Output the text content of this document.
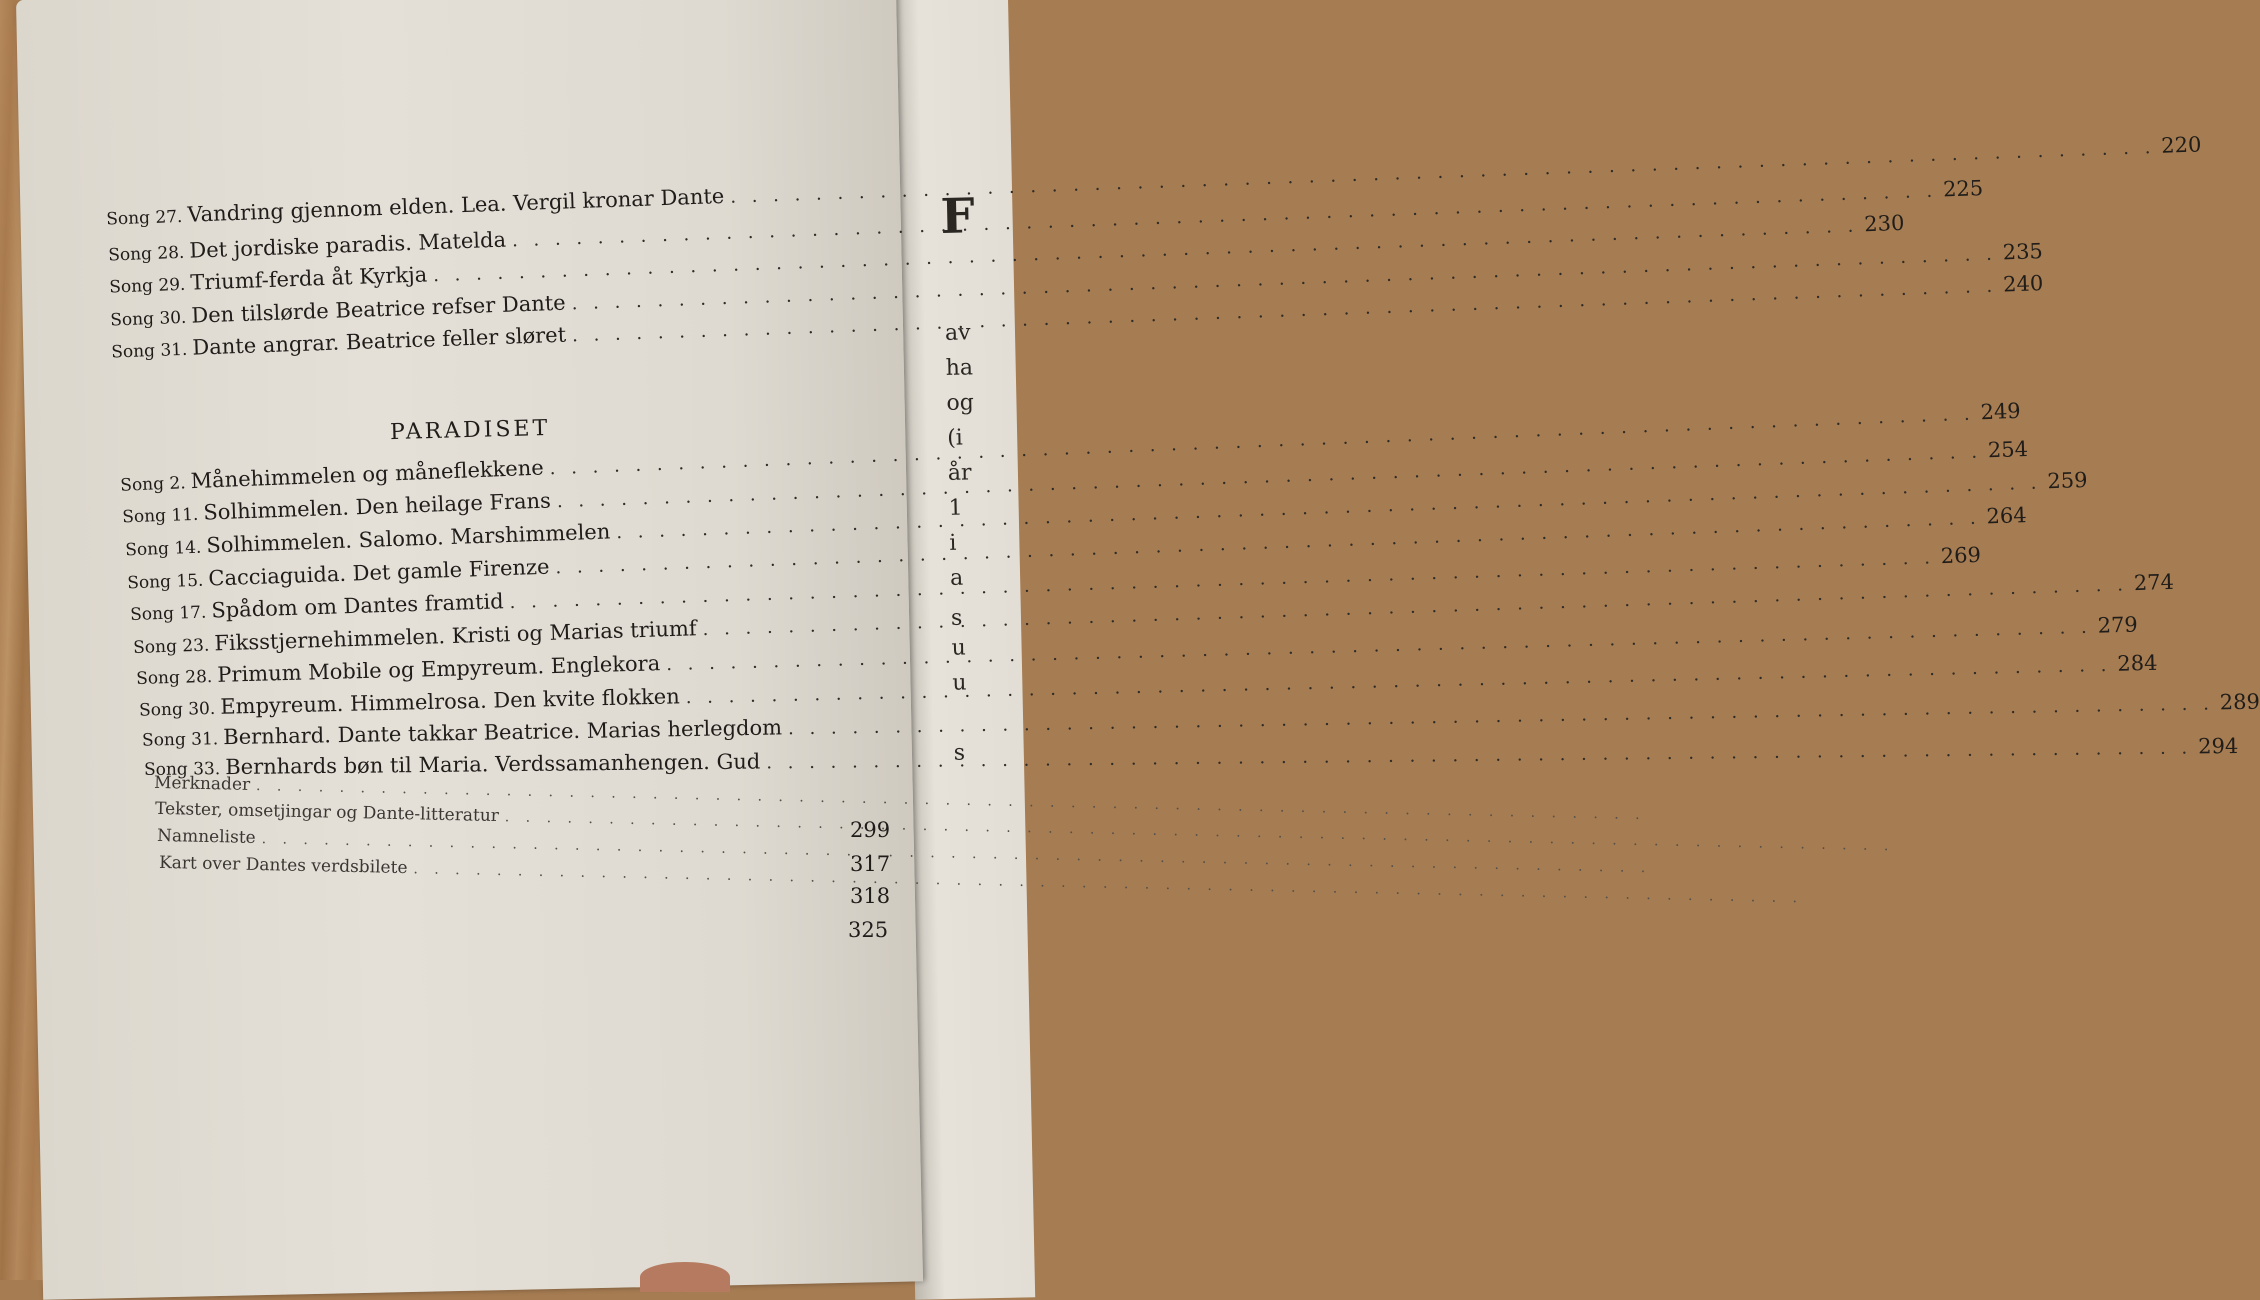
F
av
ha
og
(i
år
1
i
a
s
u
u
s
Song 27. Vandring gjennom elden. Lea. Vergil kronar Dante
. . .
220
Song 28. Det jordiske paradis. Matelda
. . .
225
Song 29. Triumf-ferda åt Kyrkja
. . .
230
Song 30. Den tilslørde Beatrice refser Dante
. . .
235
Song 31. Dante angrar. Beatrice feller sløret
. . .
240
PARADISET
Song 2. Månehimmelen og måneflekkene
. . .
249
Song 11. Solhimmelen. Den heilage Frans
. . .
254
Song 14. Solhimmelen. Salomo. Marshimmelen
. . .
259
Song 15. Cacciaguida. Det gamle Firenze
. . .
264
Song 17. Spådom om Dantes framtid
. . .
269
Song 23. Fiksstjernehimmelen. Kristi og Marias triumf
. . .
274
Song 28. Primum Mobile og Empyreum. Englekora
. . .
279
Song 30. Empyreum. Himmelrosa. Den kvite flokken
. . .
284
Song 31. Bernhard. Dante takkar Beatrice. Marias herlegdom
. . .
289
Song 33. Bernhards bøn til Maria. Verdssamanhengen. Gud
. . .
294
Merknader
. . .
Tekster, omsetjingar og Dante-litteratur
. . .
Namneliste
. . .
Kart over Dantes verdsbilete
. . .
299
317
318
325
